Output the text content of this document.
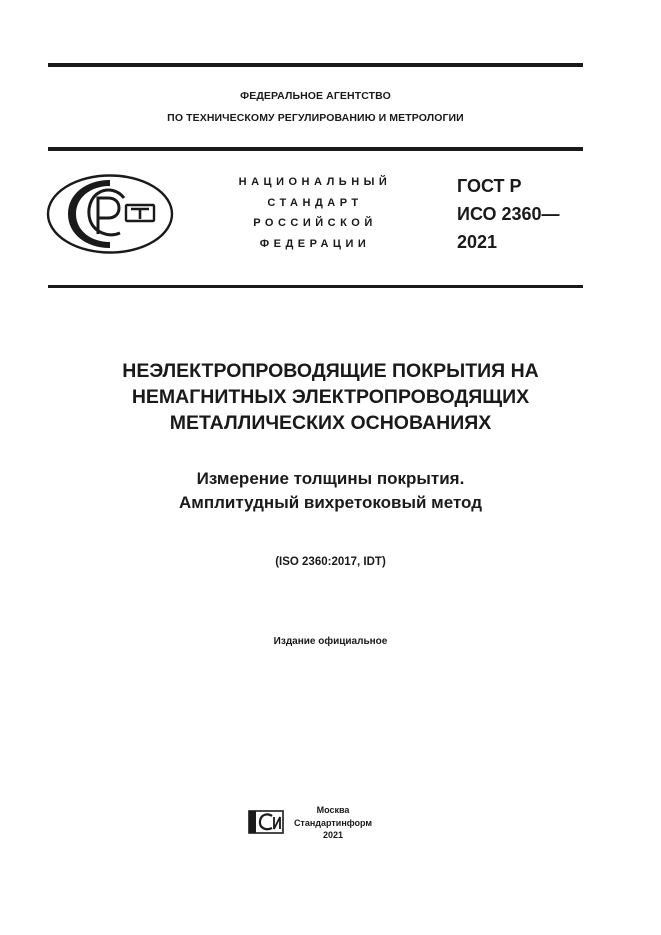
ФЕДЕРАЛЬНОЕ АГЕНТСТВО
ПО ТЕХНИЧЕСКОМУ РЕГУЛИРОВАНИЮ И МЕТРОЛОГИИ
НАЦИОНАЛЬНЫЙ
СТАНДАРТ
РОССИЙСКОЙ
ФЕДЕРАЦИИ
ГОСТ Р
ИСО 2360—
2021
НЕЭЛЕКТРОПРОВОДЯЩИЕ ПОКРЫТИЯ НА
НЕМАГНИТНЫХ ЭЛЕКТРОПРОВОДЯЩИХ
МЕТАЛЛИЧЕСКИХ ОСНОВАНИЯХ
Измерение толщины покрытия.
Амплитудный вихретоковый метод
(ISO 2360:2017, IDT)
Издание официальное
Москва
Стандартинформ
2021
